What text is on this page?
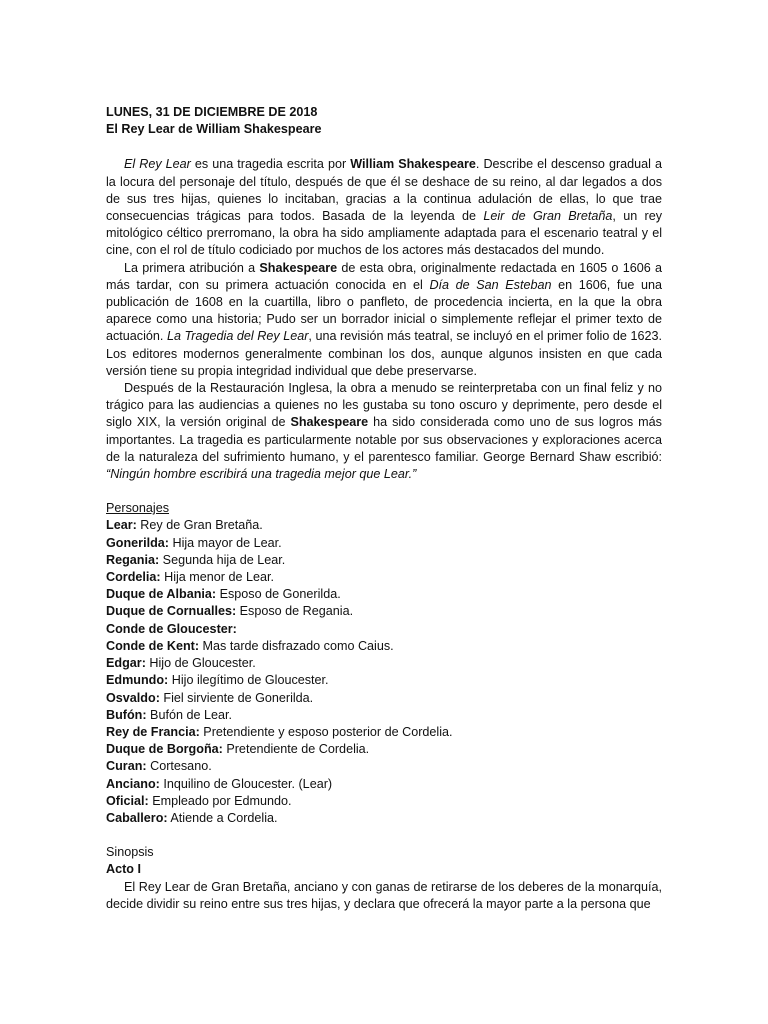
LUNES, 31 DE DICIEMBRE DE 2018

El Rey Lear de William Shakespeare

El Rey Lear es una tragedia escrita por William Shakespeare. Describe el descenso gradual a la locura del personaje del título, después de que él se deshace de su reino, al dar legados a dos de sus tres hijas, quienes lo incitaban, gracias a la continua adulación de ellas, lo que trae consecuencias trágicas para todos. Basada de la leyenda de Leir de Gran Bretaña, un rey mitológico céltico prerromano, la obra ha sido ampliamente adaptada para el escenario teatral y el cine, con el rol de título codiciado por muchos de los actores más destacados del mundo.

La primera atribución a Shakespeare de esta obra, originalmente redactada en 1605 o 1606 a más tardar, con su primera actuación conocida en el Día de San Esteban en 1606, fue una publicación de 1608 en la cuartilla, libro o panfleto, de procedencia incierta, en la que la obra aparece como una historia; Pudo ser un borrador inicial o simplemente reflejar el primer texto de actuación. La Tragedia del Rey Lear, una revisión más teatral, se incluyó en el primer folio de 1623. Los editores modernos generalmente combinan los dos, aunque algunos insisten en que cada versión tiene su propia integridad individual que debe preservarse.

Después de la Restauración Inglesa, la obra a menudo se reinterpretaba con un final feliz y no trágico para las audiencias a quienes no les gustaba su tono oscuro y deprimente, pero desde el siglo XIX, la versión original de Shakespeare ha sido considerada como uno de sus logros más importantes. La tragedia es particularmente notable por sus observaciones y exploraciones acerca de la naturaleza del sufrimiento humano, y el parentesco familiar. George Bernard Shaw escribió: “Ningún hombre escribirá una tragedia mejor que Lear.”

Personajes

Lear: Rey de Gran Bretaña.
Gonerilda: Hija mayor de Lear.
Regania: Segunda hija de Lear.
Cordelia: Hija menor de Lear.
Duque de Albania: Esposo de Gonerilda.
Duque de Cornualles: Esposo de Regania.
Conde de Gloucester:
Conde de Kent: Mas tarde disfrazado como Caius.
Edgar: Hijo de Gloucester.
Edmundo: Hijo ilegítimo de Gloucester.
Osvaldo: Fiel sirviente de Gonerilda.
Bufón: Bufón de Lear.
Rey de Francia: Pretendiente y esposo posterior de Cordelia.
Duque de Borgoña: Pretendiente de Cordelia.
Curan: Cortesano.
Anciano: Inquilino de Gloucester. (Lear)
Oficial: Empleado por Edmundo.
Caballero: Atiende a Cordelia.

Sinopsis

Acto I

El Rey Lear de Gran Bretaña, anciano y con ganas de retirarse de los deberes de la monarquía, decide dividir su reino entre sus tres hijas, y declara que ofrecerá la mayor parte a la persona que
